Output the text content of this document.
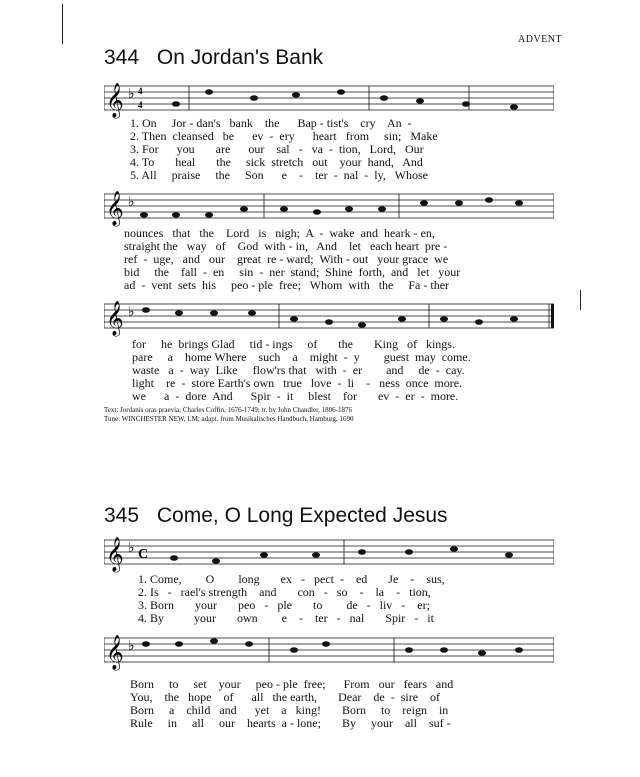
ADVENT
344 On Jordan's Bank
𝄞 ♭ 4
4
1. On     Jor - dan's   bank    the      Bap - tist's    cry    An  -
2. Then  cleansed   be      ev  -  ery      heart   from     sin;   Make
3. For      you       are      our    sal   -   va  -  tion,   Lord,   Our
4. To       heal       the     sick  stretch   out    your  hand,   And
5. All     praise     the     Son      e    -    ter  -  nal  -  ly,   Whose
𝄞 ♭
nounces   that   the    Lord   is   nigh;  A  -  wake  and  heark - en,
straight the   way   of    God  with - in,   And    let   each heart  pre -
ref  -  uge,   and   our    great  re - ward;  With - out   your grace  we
bid     the    fall  -  en     sin  -  ner  stand;  Shine  forth,  and   let   your
ad  -  vent  sets  his     peo - ple  free;   Whom  with   the     Fa - ther
𝄞 ♭
for     he  brings Glad     tid - ings     of       the       King   of   kings.
pare     a    home Where    such    a    might  -  y        guest  may  come.
waste   a  -  way  Like     flow'rs that   with  -  er        and     de  -  cay.
light    re  -  store Earth's own   true   love  -  li    -   ness  once  more.
we      a  -  dore  And      Spir  -  it     blest    for       ev  -  er  -  more.
Text: Jordanis oras praevia; Charles Coffin, 1676-1749; tr. by John Chandler, 1806-1876
Tune: WINCHESTER NEW, LM; adapt. from Musikalisches Handbuch, Hamburg, 1690
345 Come, O Long Expected Jesus
𝄞 ♭ C
1. Come,        O        long       ex   -   pect  -    ed       Je    -    sus,
2. Is   -   rael's strength    and       con   -   so    -    la    -   tion,
3. Born       your       peo   -   ple       to        de   -   liv   -    er;
4. By          your       own        e    -    ter   -   nal       Spir   -   it
𝄞 ♭
Born     to     set    your     peo - ple  free;      From   our   fears   and
You,    the   hope    of      all   the earth,       Dear    de  -  sire    of
Born     a    child   and      yet    a   king!       Born     to    reign    in
Rule     in     all     our    hearts  a - lone;       By     your    all    suf -
